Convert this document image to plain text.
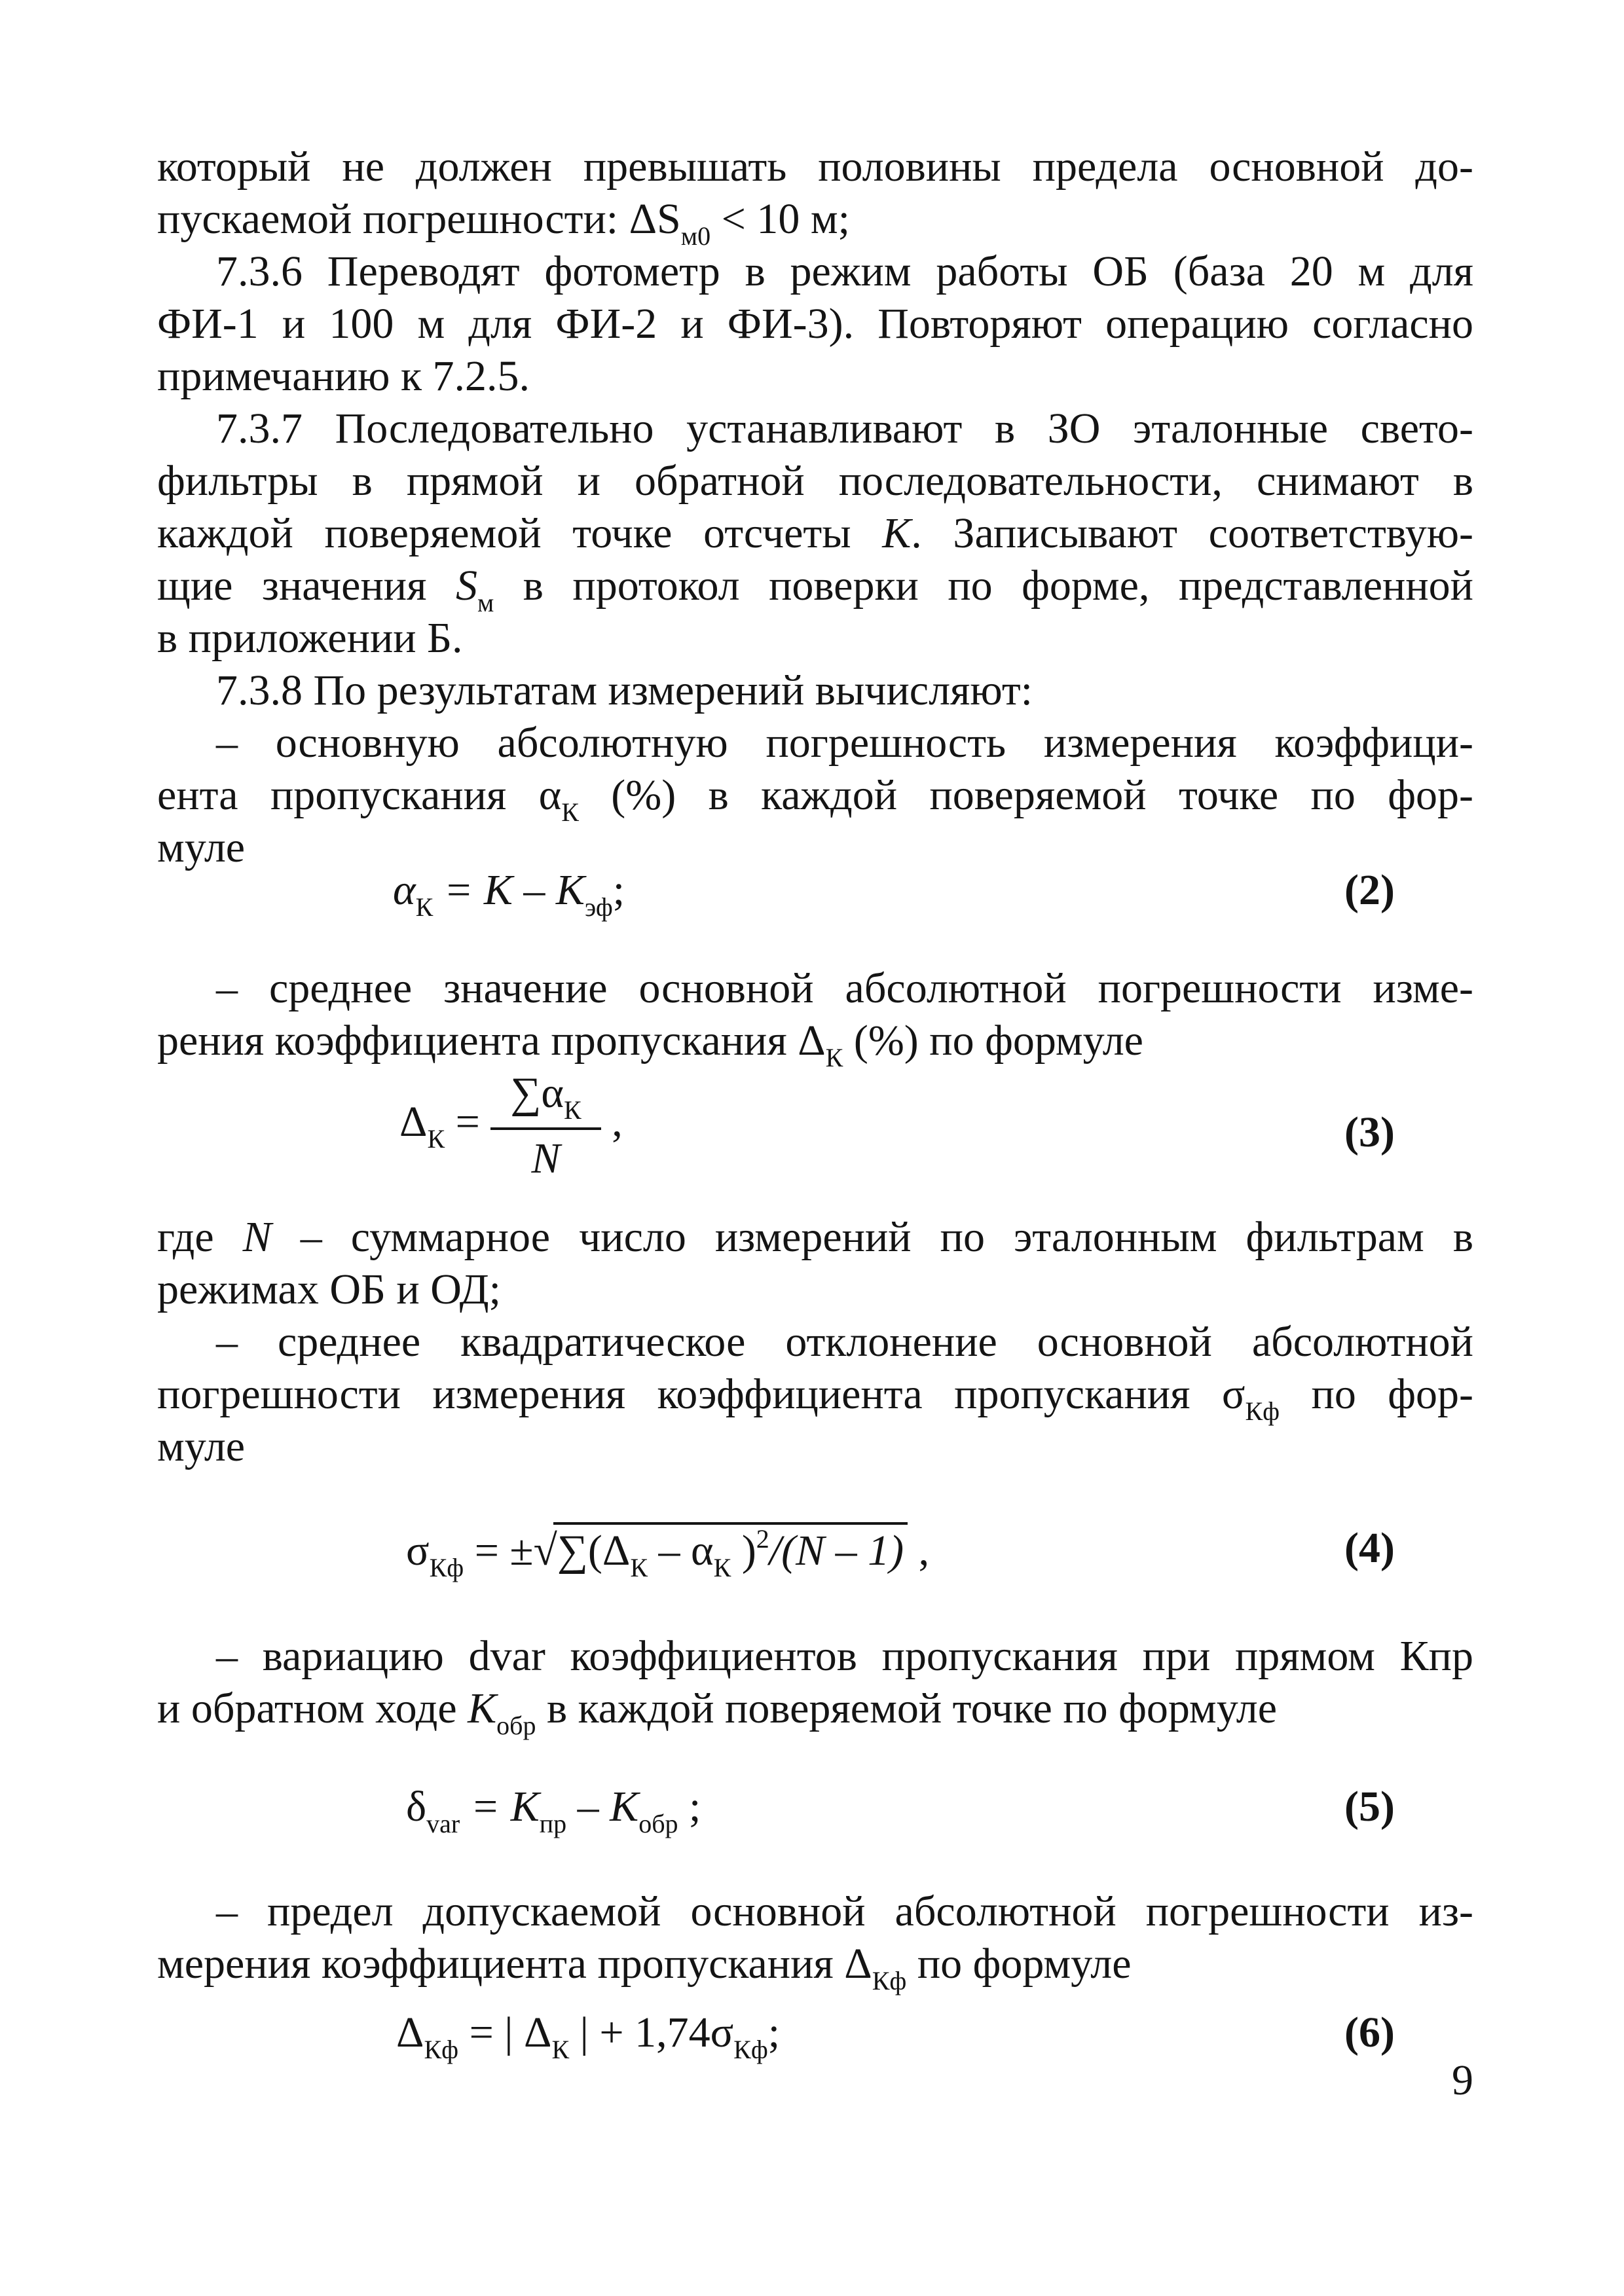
который не должен превышать половины предела основной до-

пускаемой погрешности: $\Delta S_{м0} < 10$ м;

7.3.6 Переводят фотометр в режим работы ОБ (база 20 м для

ФИ-1 и 100 м для ФИ-2 и ФИ-3). Повторяют операцию согласно

примечанию к 7.2.5.

7.3.7 Последовательно устанавливают в ЗО эталонные свето-

фильтры в прямой и обратной последовательности, снимают в

каждой поверяемой точке отсчеты K. Записывают соответствую-

щие значения $S_м$ в протокол поверки по форме, представленной

в приложении Б.

7.3.8 По результатам измерений вычисляют:

– основную абсолютную погрешность измерения коэффици-

ента пропускания $\alpha_К$ (%) в каждой поверяемой точке по фор-

муле

$\alpha_К = K - K_{эф}$;	(2)

– среднее значение основной абсолютной погрешности изме-

рения коэффициента пропускания $\Delta_К$ (%) по формуле

$\Delta_К = \frac{\sum\alpha_К}{N}$ ,	(3)

где N – суммарное число измерений по эталонным фильтрам в

режимах ОБ и ОД;

– среднее квадратическое отклонение основной абсолютной

погрешности измерения коэффициента пропускания $\sigma_{Кф}$ по фор-

муле

$\sigma_{Кф} = \pm√\sum(\Delta_К - \alpha_К$ )$^2$/(N – 1) ,	(4)

– вариацию dvar коэффициентов пропускания при прямом Кпр

и обратном ходе $K_{обр}$ в каждой поверяемой точке по формуле

$\delta_{var} = K_{пр} - K_{обр}$ ;	(5)

– предел допускаемой основной абсолютной погрешности из-

мерения коэффициента пропускания $\Delta_{Кф}$ по формуле

$\Delta_{Кф}$ = | $\Delta_К$ | + $1,74\sigma_{Кф}$;	(6)
9
